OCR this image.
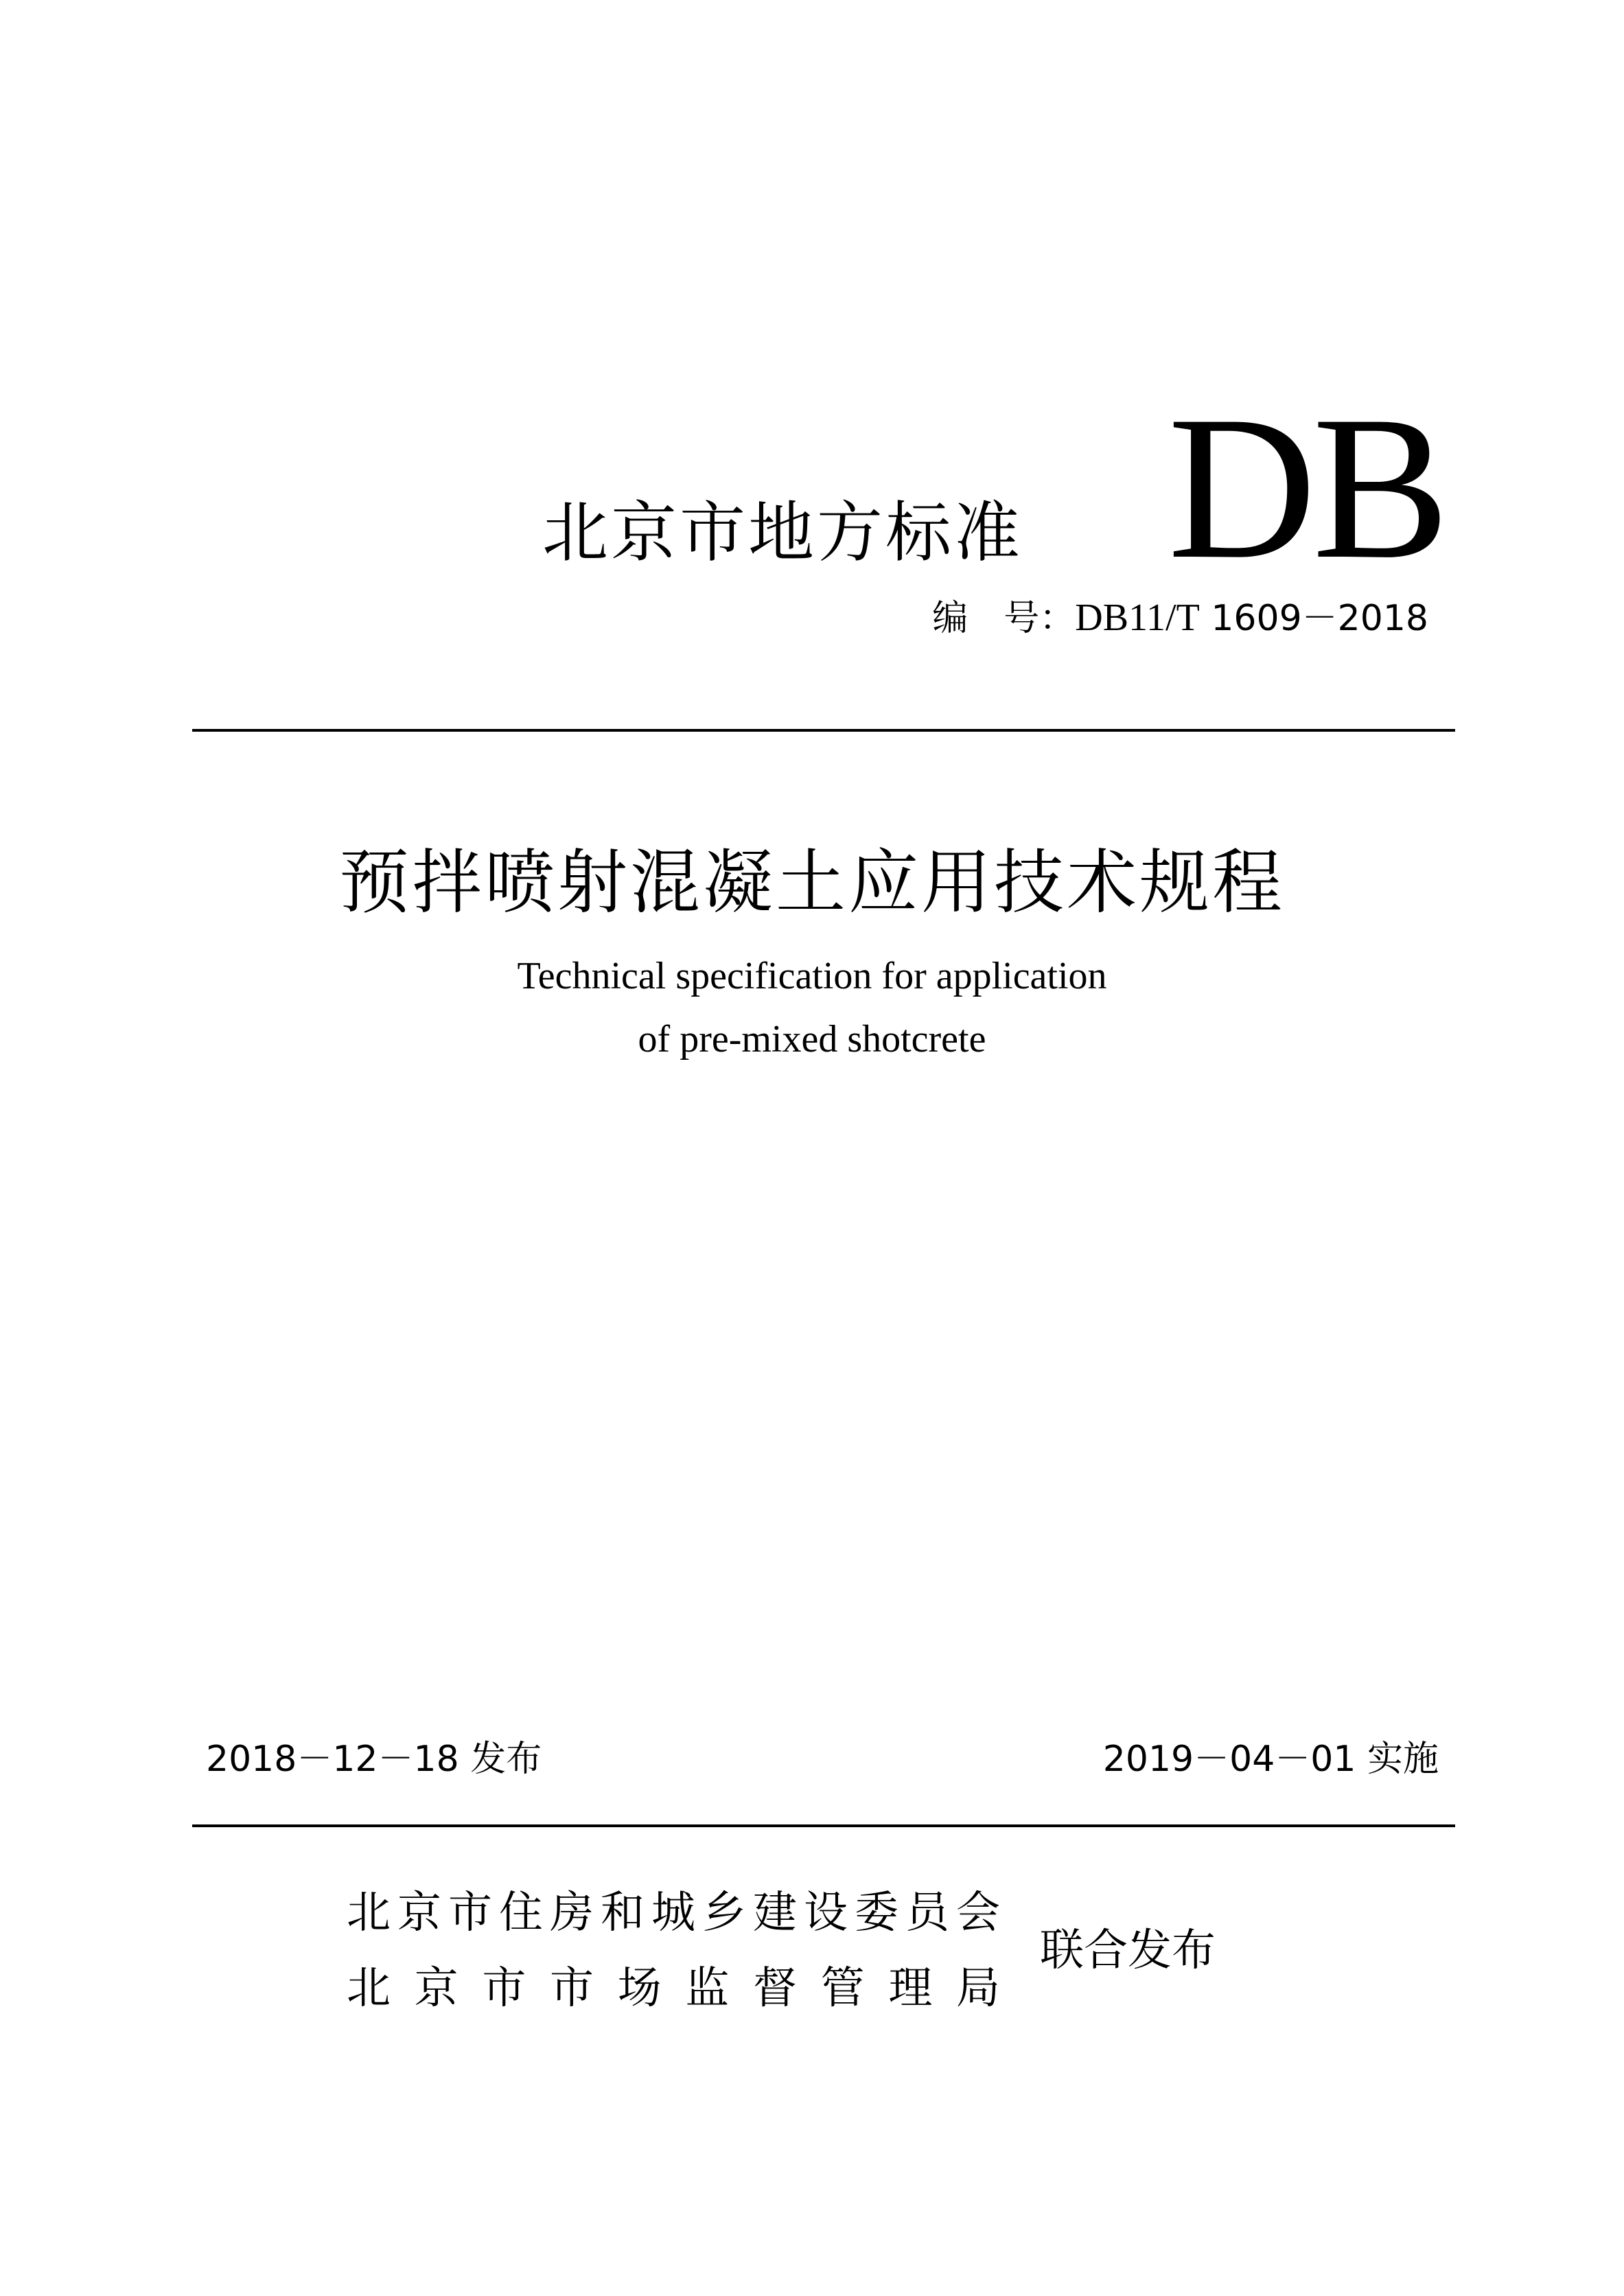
北京市地方标准 DB
编　号：DB11/T 1609－2018
预拌喷射混凝土应用技术规程
Technical specification for application
of pre-mixed shotcrete
2018－12－18 发布	2019－04－01 实施
北京市住房和城乡建设委员会
北京市市场监督管理局
联合发布
